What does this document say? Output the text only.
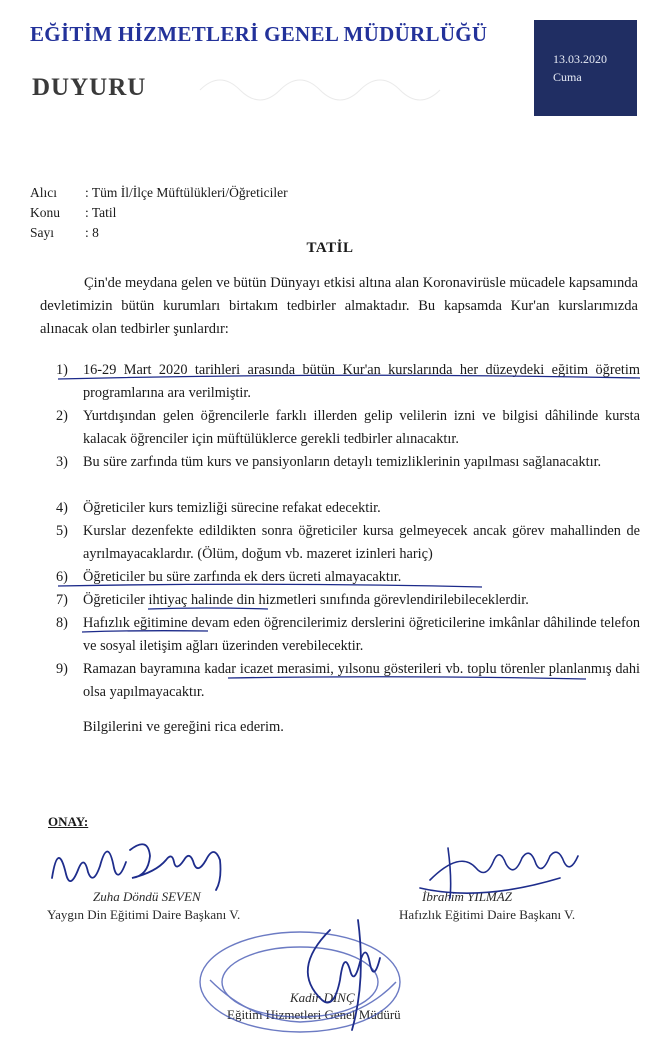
EĞİTİM HİZMETLERİ GENEL MÜDÜRLÜĞÜ
DUYURU
13.03.2020
Cuma
Alıcı : Tüm İl/İlçe Müftülükleri/Öğreticiler
Konu : Tatil
Sayı : 8
TATİL
Çin'de meydana gelen ve bütün Dünyayı etkisi altına alan Koronavirüsle mücadele kapsamında devletimizin bütün kurumları birtakım tedbirler almaktadır. Bu kapsamda Kur'an kurslarımızda alınacak olan tedbirler şunlardır:
1)	16-29 Mart 2020 tarihleri arasında bütün Kur'an kurslarında her düzeydeki eğitim öğretim programlarına ara verilmiştir.
2)	Yurtdışından gelen öğrencilerle farklı illerden gelip velilerin izni ve bilgisi dâhilinde kursta kalacak öğrenciler için müftülüklerce gerekli tedbirler alınacaktır.
3)	Bu süre zarfında tüm kurs ve pansiyonların detaylı temizliklerinin yapılması sağlanacaktır.
4)	Öğreticiler kurs temizliği sürecine refakat edecektir.
5)	Kurslar dezenfekte edildikten sonra öğreticiler kursa gelmeyecek ancak görev mahallinden de ayrılmayacaklardır. (Ölüm, doğum vb. mazeret izinleri hariç)
6)	Öğreticiler bu süre zarfında ek ders ücreti almayacaktır.
7)	Öğreticiler ihtiyaç halinde din hizmetleri sınıfında görevlendirilebileceklerdir.
8)	Hafızlık eğitimine devam eden öğrencilerimiz derslerini öğreticilerine imkânlar dâhilinde telefon ve sosyal iletişim ağları üzerinden verebilecektir.
9)	Ramazan bayramına kadar icazet merasimi, yılsonu gösterileri vb. toplu törenler planlanmış dahi olsa yapılmayacaktır.
Bilgilerini ve gereğini rica ederim.
ONAY:
Zuha Döndü SEVEN
Yaygın Din Eğitimi Daire Başkanı V.
İbrahim YILMAZ
Hafızlık Eğitimi Daire Başkanı V.
Kadir DİNÇ
Eğitim Hizmetleri Genel Müdürü
